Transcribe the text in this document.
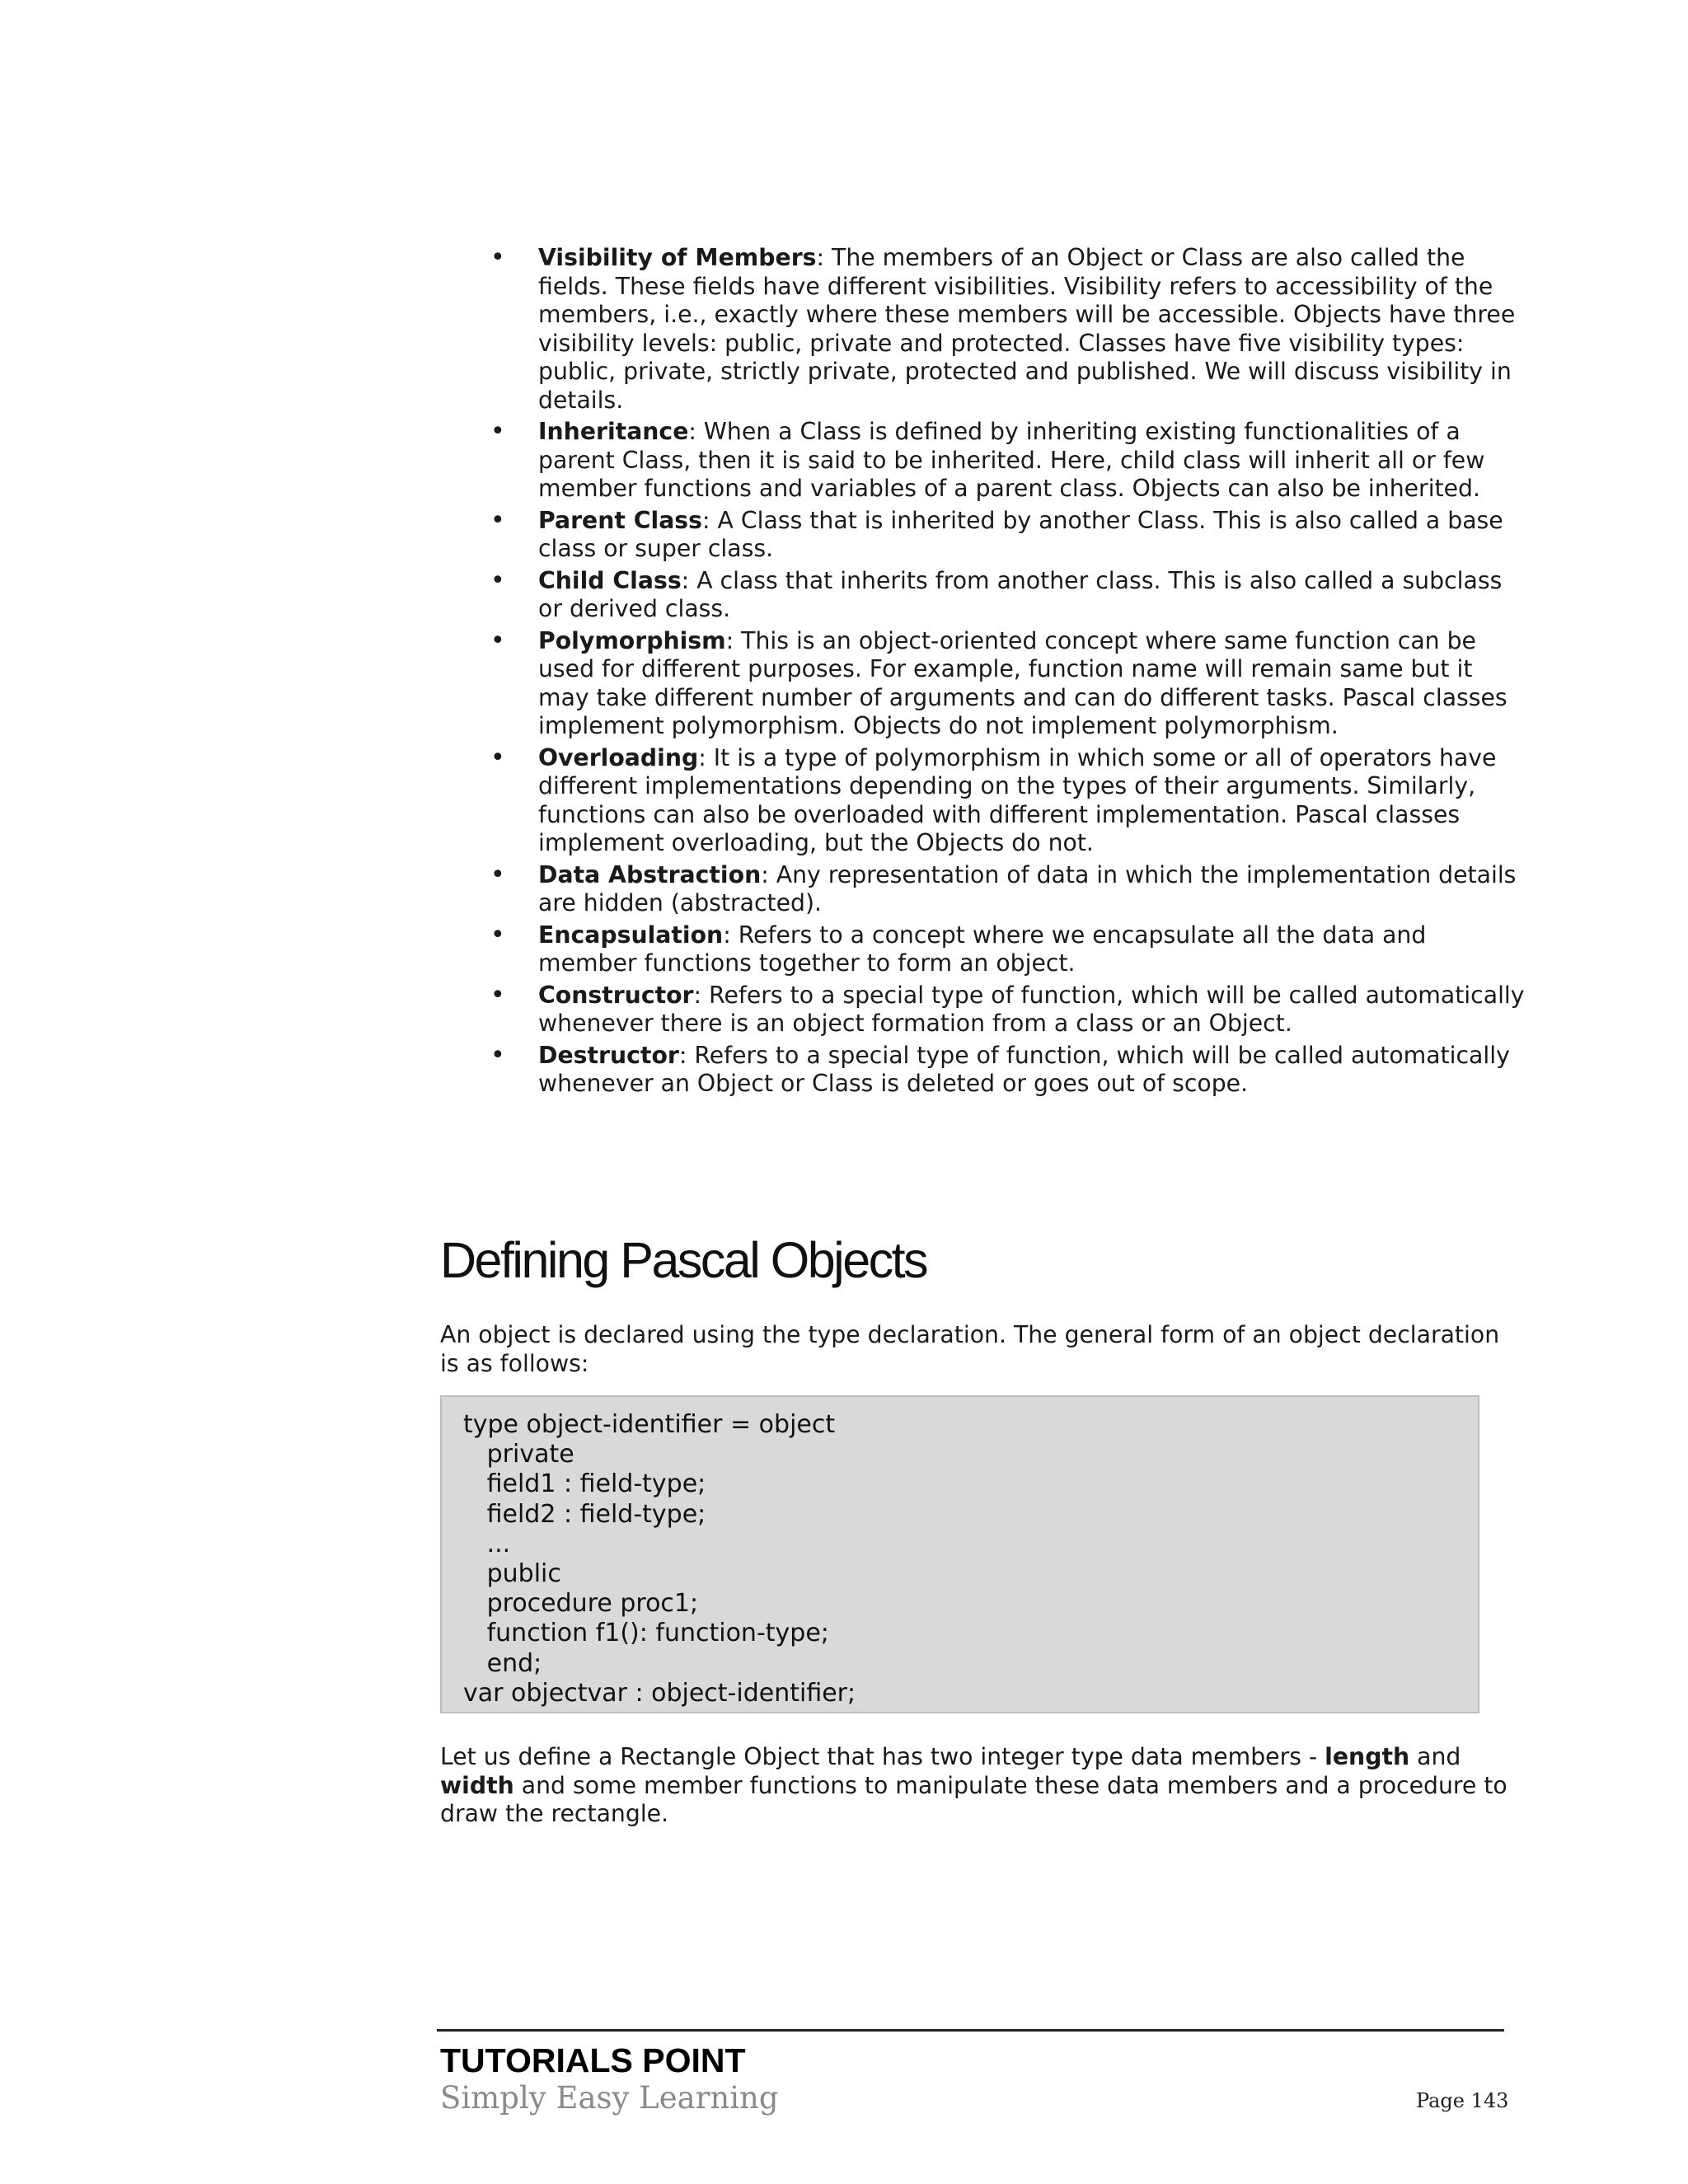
• Visibility of Members: The members of an Object or Class are also called the fields. These fields have different visibilities. Visibility refers to accessibility of the members, i.e., exactly where these members will be accessible. Objects have three visibility levels: public, private and protected. Classes have five visibility types: public, private, strictly private, protected and published. We will discuss visibility in details.
• Inheritance: When a Class is defined by inheriting existing functionalities of a parent Class, then it is said to be inherited. Here, child class will inherit all or few member functions and variables of a parent class. Objects can also be inherited.
• Parent Class: A Class that is inherited by another Class. This is also called a base class or super class.
• Child Class: A class that inherits from another class. This is also called a subclass or derived class.
• Polymorphism: This is an object-oriented concept where same function can be used for different purposes. For example, function name will remain same but it may take different number of arguments and can do different tasks. Pascal classes implement polymorphism. Objects do not implement polymorphism.
• Overloading: It is a type of polymorphism in which some or all of operators have different implementations depending on the types of their arguments. Similarly, functions can also be overloaded with different implementation. Pascal classes implement overloading, but the Objects do not.
• Data Abstraction: Any representation of data in which the implementation details are hidden (abstracted).
• Encapsulation: Refers to a concept where we encapsulate all the data and member functions together to form an object.
• Constructor: Refers to a special type of function, which will be called automatically whenever there is an object formation from a class or an Object.
• Destructor: Refers to a special type of function, which will be called automatically whenever an Object or Class is deleted or goes out of scope.
Defining Pascal Objects

An object is declared using the type declaration. The general form of an object declaration is as follows:

type object-identifier = object
private
field1 : field-type;
field2 : field-type;
...
public
procedure proc1;
function f1(): function-type;
end;
var objectvar : object-identifier;

Let us define a Rectangle Object that has two integer type data members - length and width and some member functions to manipulate these data members and a procedure to draw the rectangle.

TUTORIALS POINT
Simply Easy Learning	Page 143
